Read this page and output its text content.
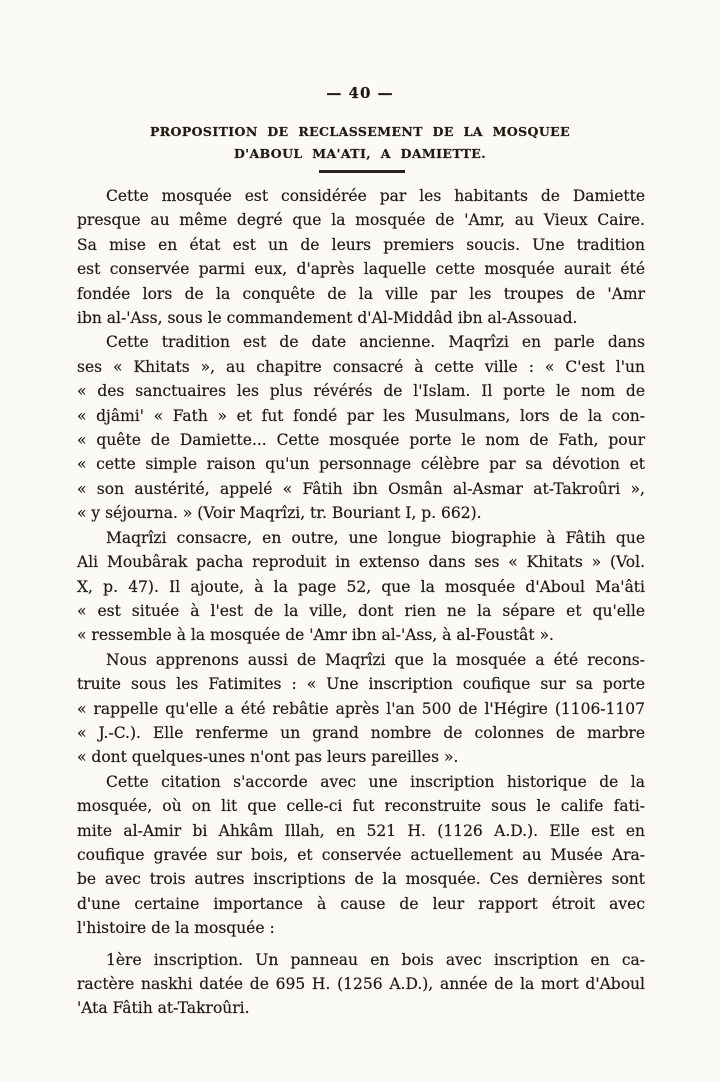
— 40 —
PROPOSITION DE RECLASSEMENT DE LA MOSQUEE
D'ABOUL MA'ATI, A DAMIETTE.
Cette mosquée est considérée par les habitants de Damiette
presque au même degré que la mosquée de 'Amr, au Vieux Caire.
Sa mise en état est un de leurs premiers soucis. Une tradition
est conservée parmi eux, d'après laquelle cette mosquée aurait été
fondée lors de la conquête de la ville par les troupes de 'Amr
ibn al-'Ass, sous le commandement d'Al-Middâd ibn al-Assouad.
Cette tradition est de date ancienne. Maqrîzi en parle dans
ses « Khitats », au chapitre consacré à cette ville : « C'est l'un
« des sanctuaires les plus révérés de l'Islam. Il porte le nom de
« djâmi' « Fath » et fut fondé par les Musulmans, lors de la con-
« quête de Damiette... Cette mosquée porte le nom de Fath, pour
« cette simple raison qu'un personnage célèbre par sa dévotion et
« son austérité, appelé « Fâtih ibn Osmân al-Asmar at-Takroûri »,
« y séjourna. » (Voir Maqrîzi, tr. Bouriant I, p. 662).
Maqrîzi consacre, en outre, une longue biographie à Fâtih que
Ali Moubârak pacha reproduit in extenso dans ses « Khitats » (Vol.
X, p. 47). Il ajoute, à la page 52, que la mosquée d'Aboul Ma'âti
« est située à l'est de la ville, dont rien ne la sépare et qu'elle
« ressemble à la mosquée de 'Amr ibn al-'Ass, à al-Foustât ».
Nous apprenons aussi de Maqrîzi que la mosquée a été recons-
truite sous les Fatimites : « Une inscription coufique sur sa porte
« rappelle qu'elle a été rebâtie après l'an 500 de l'Hégire (1106-1107
« J.-C.). Elle renferme un grand nombre de colonnes de marbre
« dont quelques-unes n'ont pas leurs pareilles ».
Cette citation s'accorde avec une inscription historique de la
mosquée, où on lit que celle-ci fut reconstruite sous le calife fati-
mite al-Amir bi Ahkâm Illah, en 521 H. (1126 A.D.). Elle est en
coufique gravée sur bois, et conservée actuellement au Musée Ara-
be avec trois autres inscriptions de la mosquée. Ces dernières sont
d'une certaine importance à cause de leur rapport étroit avec
l'histoire de la mosquée :
1ère inscription. Un panneau en bois avec inscription en ca-
ractère naskhi datée de 695 H. (1256 A.D.), année de la mort d'Aboul
'Ata Fâtih at-Takroûri.
